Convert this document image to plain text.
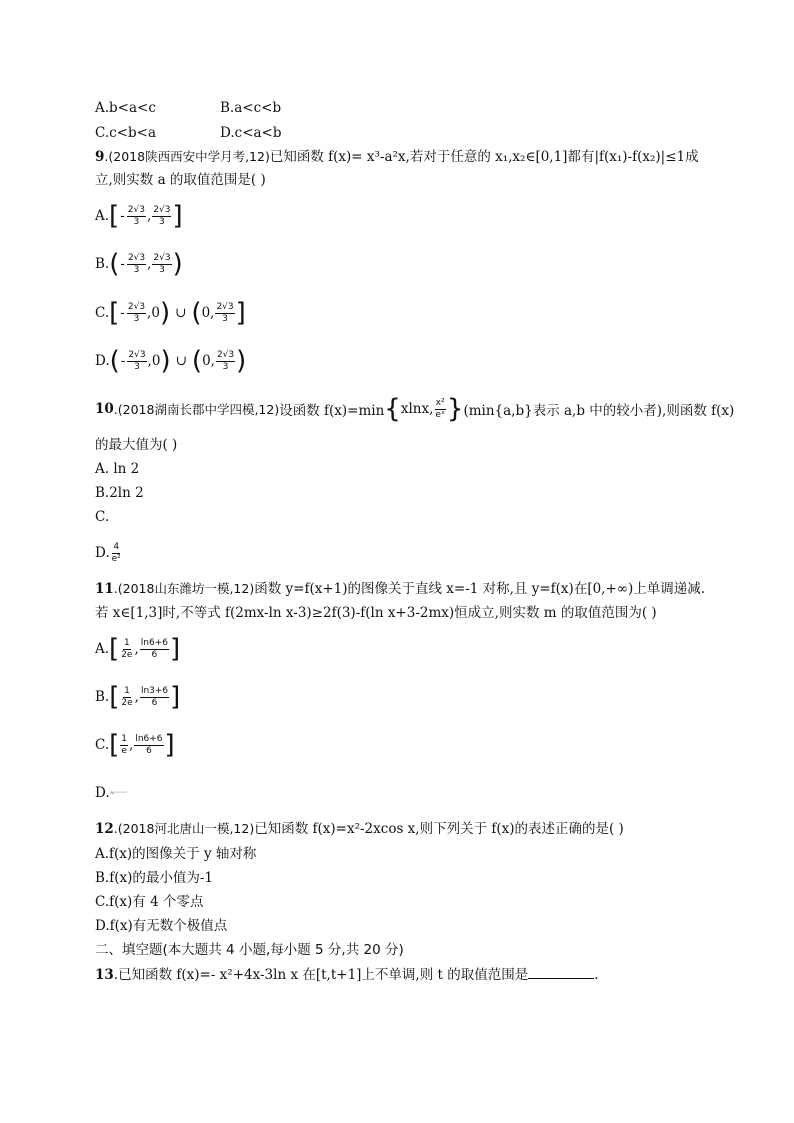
A.b<a<c	B.a<c<b
C.c<b<a	D.c<a<b
9.(2018陕西西安中学月考,12)已知函数 f(x)= x³-a²x,若对于任意的 x₁,x₂∈[0,1]都有|f(x₁)-f(x₂)|≤1成
立,则实数 a 的取值范围是( )
A. [ - $\frac{2√3}{3}$ , $\frac{2√3}{3}$ ]
B. ( - $\frac{2√3}{3}$ , $\frac{2√3}{3}$ )
C. [ - $\frac{2√3}{3}$ , 0 ) ∪ ( 0, $\frac{2√3}{3}$ ]
D. ( - $\frac{2√3}{3}$ , 0 ) ∪ ( 0, $\frac{2√3}{3}$ )
10 .(2018湖南长郡中学四模,12) 设函数 f(x)=min { xlnx, $\frac{\text{x²}}{\text{eˣ}}$ } (min{a,b}表示 a,b 中的较小者),则函数 f(x)
的最大值为( )
A. ln 2
B.2ln 2
C.
D. $\frac{4}{\text{e²}}$
11.(2018山东潍坊一模,12)函数 y=f(x+1)的图像关于直线 x=-1 对称,且 y=f(x)在[0,+∞)上单调递减.
若 x∈[1,3]时,不等式 f(2mx-ln x-3)≥2f(3)-f(ln x+3-2mx)恒成立,则实数 m 的取值范围为( )
A. [ $\frac{1}{2e}$ , $\frac{\ln 6+6}{6}$ ]
B. [ $\frac{1}{2e}$ , $\frac{\ln 3+6}{6}$ ]
C. [ $\frac{1}{e}$ , $\frac{\ln 6+6}{6}$ ]
D.≈·········
12.(2018河北唐山一模,12)已知函数 f(x)=x²-2xcos x,则下列关于 f(x)的表述正确的是( )
A.f(x)的图像关于 y 轴对称
B.f(x)的最小值为-1
C.f(x)有 4 个零点
D.f(x)有无数个极值点
二、填空题(本大题共 4 小题,每小题 5 分,共 20 分)
13.已知函数 f(x)=- x²+4x-3ln x 在[t,t+1]上不单调,则 t 的取值范围是	.
